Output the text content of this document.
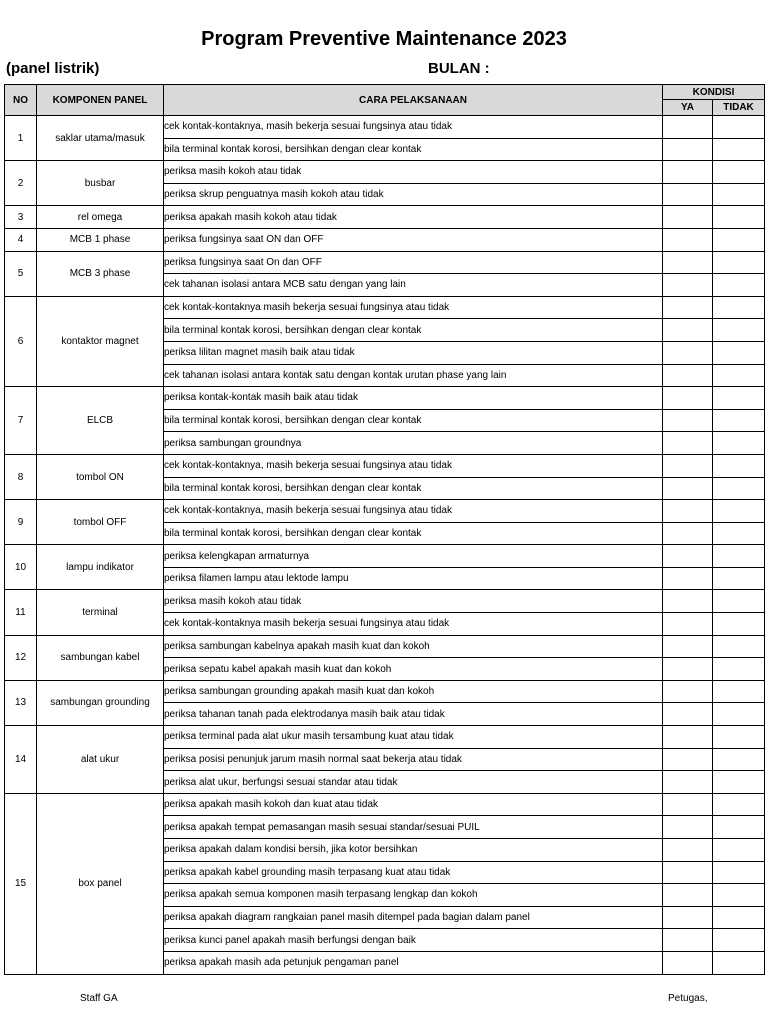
Program Preventive Maintenance 2023
(panel listrik)	BULAN :
NO	KOMPONEN PANEL	CARA PELAKSANAAN	KONDISI	
			YA	TIDAK
1	saklar utama/masuk	cek kontak-kontaknya, masih bekerja sesuai fungsinya atau tidak		
		bila terminal kontak korosi, bersihkan dengan clear kontak		
2	busbar	periksa masih kokoh atau tidak		
		periksa skrup penguatnya masih kokoh atau tidak		
3	rel omega	periksa apakah masih kokoh atau tidak		
4	MCB 1 phase	periksa fungsinya saat ON dan OFF		
5	MCB 3 phase	periksa fungsinya saat On dan OFF		
		cek tahanan isolasi antara MCB satu dengan yang lain		
6	kontaktor magnet	cek kontak-kontaknya masih bekerja sesuai fungsinya atau tidak		
		bila terminal kontak korosi, bersihkan dengan clear kontak		
		periksa lilitan magnet masih baik atau tidak		
		cek tahanan isolasi antara kontak satu dengan kontak urutan phase yang lain		
7	ELCB	periksa kontak-kontak masih baik atau tidak		
		bila terminal kontak korosi, bersihkan dengan clear kontak		
		periksa sambungan groundnya		
8	tombol ON	cek kontak-kontaknya, masih bekerja sesuai fungsinya atau tidak		
		bila terminal kontak korosi, bersihkan dengan clear kontak		
9	tombol OFF	cek kontak-kontaknya, masih bekerja sesuai fungsinya atau tidak		
		bila terminal kontak korosi, bersihkan dengan clear kontak		
10	lampu indikator	periksa kelengkapan armaturnya		
		periksa filamen lampu atau lektode lampu		
11	terminal	periksa masih kokoh atau tidak		
		cek kontak-kontaknya masih bekerja sesuai fungsinya atau tidak		
12	sambungan kabel	periksa sambungan kabelnya apakah masih kuat dan kokoh		
		periksa sepatu kabel apakah masih kuat dan kokoh		
13	sambungan grounding	periksa sambungan grounding apakah masih kuat dan kokoh		
		periksa tahanan tanah pada elektrodanya masih baik atau tidak		
14	alat ukur	periksa terminal pada alat ukur masih tersambung kuat atau tidak		
		periksa posisi penunjuk jarum masih normal saat bekerja atau tidak		
		periksa alat ukur, berfungsi sesuai standar atau tidak		
15	box panel	periksa apakah masih kokoh dan kuat atau tidak		
		periksa apakah tempat pemasangan masih sesuai standar/sesuai PUIL		
		periksa apakah dalam kondisi bersih, jika kotor bersihkan		
		periksa apakah kabel grounding masih terpasang kuat atau tidak		
		periksa apakah semua komponen masih terpasang lengkap dan kokoh		
		periksa apakah diagram rangkaian panel masih ditempel pada bagian dalam panel		
		periksa kunci panel apakah masih berfungsi dengan baik		
		periksa apakah masih ada petunjuk pengaman panel		
Staff GA	Petugas,
